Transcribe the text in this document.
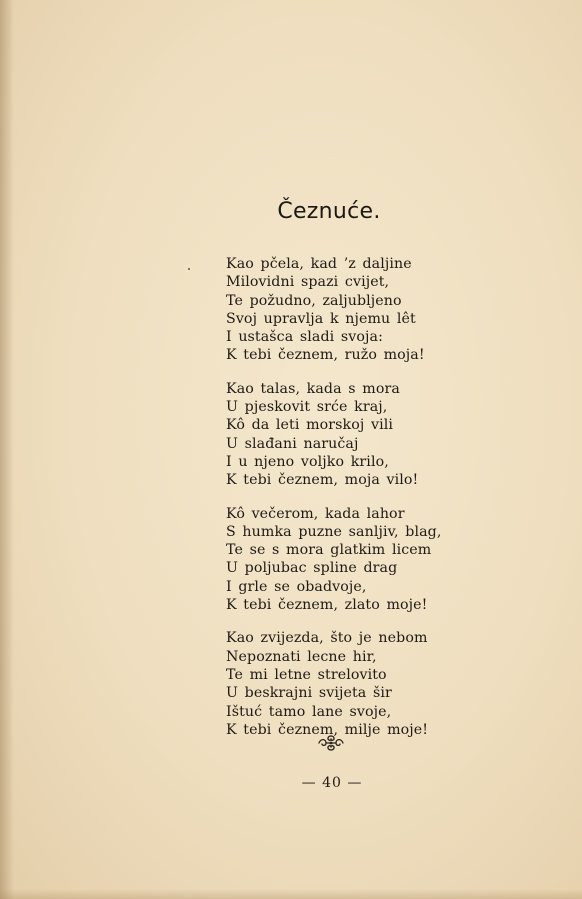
Čeznuće.
Kao pčela, kad ’z daljine
Milovidni spazi cvijet,
Te požudno, zaljubljeno
Svoj upravlja k njemu lêt
I ustašca sladi svoja:
K tebi čeznem, ružo moja!
Kao talas, kada s mora
U pjeskovit srće kraj,
Kô da leti morskoj vili
U slađani naručaj
I u njeno voljko krilo,
K tebi čeznem, moja vilo!
Kô večerom, kada lahor
S humka puzne sanljiv, blag,
Te se s mora glatkim licem
U poljubac spline drag
I grle se obadvoje,
K tebi čeznem, zlato moje!
Kao zvijezda, što je nebom
Nepoznati lecne hir,
Te mi letne strelovito
U beskrajni svijeta šir
Ištuć tamo lane svoje,
K tebi čeznem, milje moje!
— 40 —
